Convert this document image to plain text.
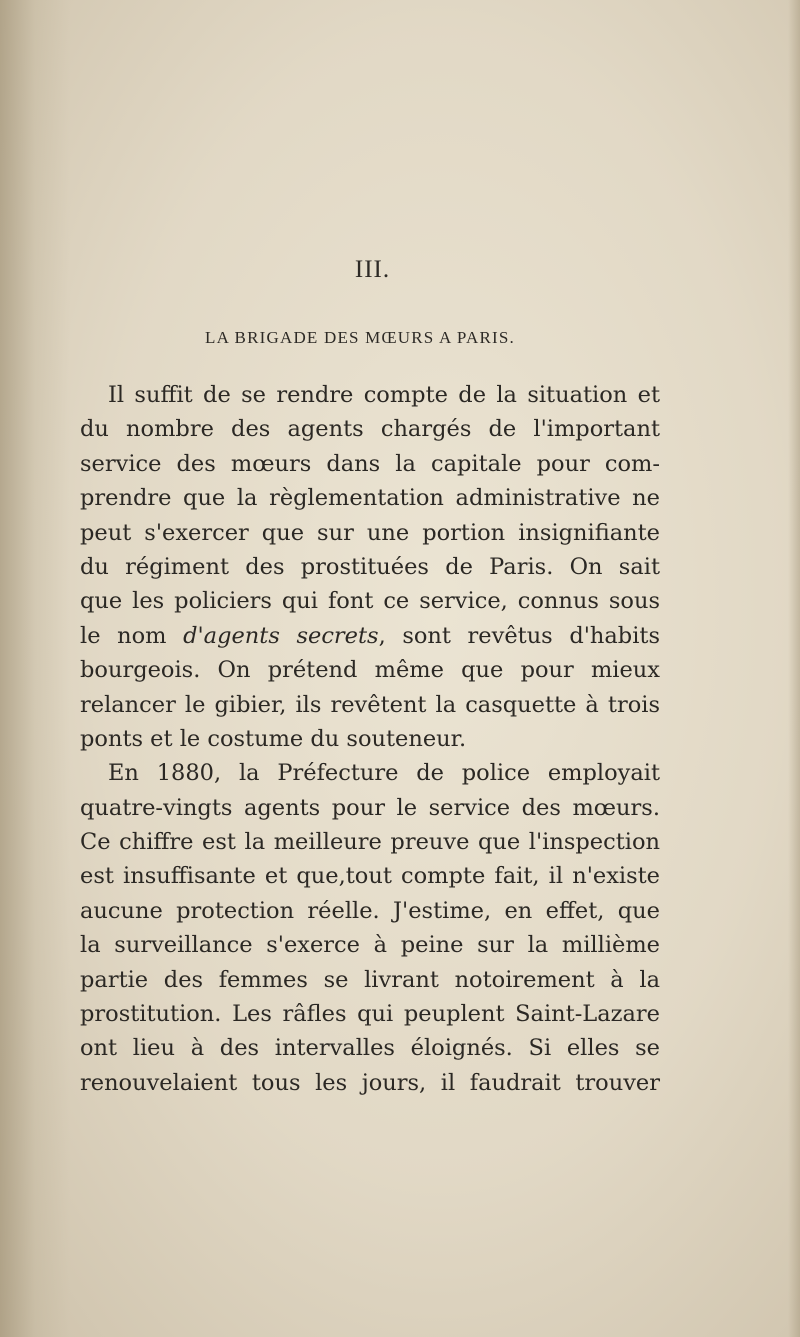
III.
LA BRIGADE DES MŒURS A PARIS.
Il suffit de se rendre compte de la situation et
du nombre des agents chargés de l'important
service des mœurs dans la capitale pour com-
prendre que la règlementation administrative ne
peut s'exercer que sur une portion insignifiante
du régiment des prostituées de Paris. On sait
que les policiers qui font ce service, connus sous
le nom d'agents secrets, sont revêtus d'habits
bourgeois. On prétend même que pour mieux
relancer le gibier, ils revêtent la casquette à trois
ponts et le costume du souteneur.
En 1880, la Préfecture de police employait
quatre-vingts agents pour le service des mœurs.
Ce chiffre est la meilleure preuve que l'inspection
est insuffisante et que,tout compte fait, il n'existe
aucune protection réelle. J'estime, en effet, que
la surveillance s'exerce à peine sur la millième
partie des femmes se livrant notoirement à la
prostitution. Les râfles qui peuplent Saint-Lazare
ont lieu à des intervalles éloignés. Si elles se
renouvelaient tous les jours, il faudrait trouver
